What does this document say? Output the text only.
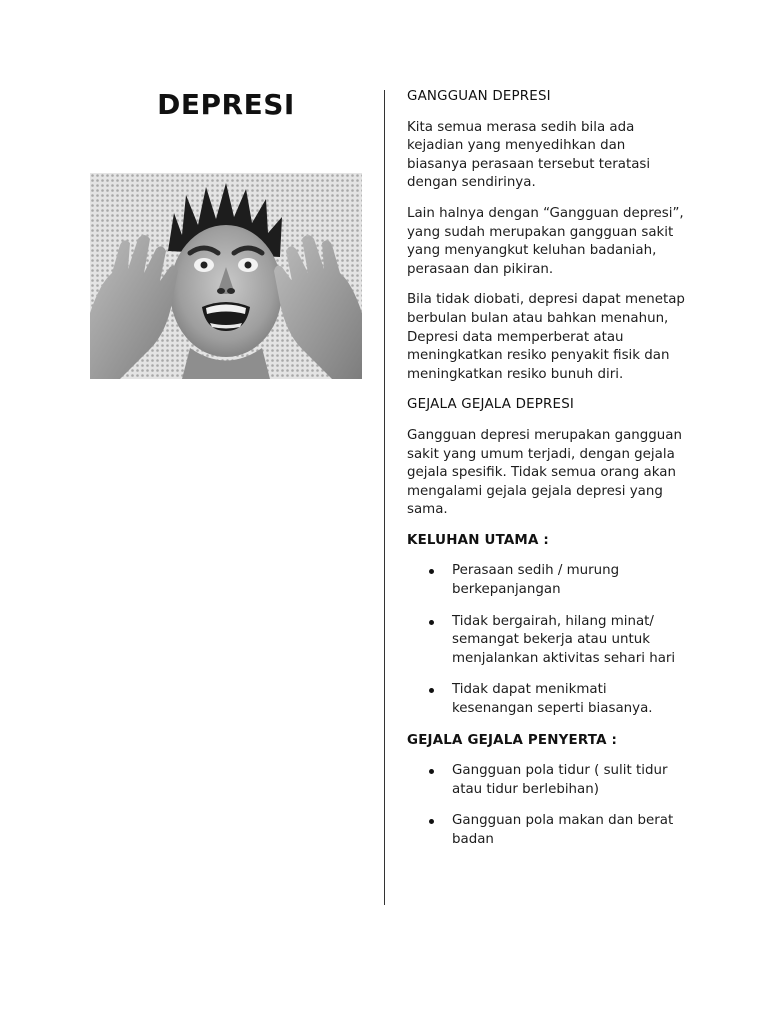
DEPRESI	GANGGUAN DEPRESI

Kita semua merasa sedih bila ada kejadian yang menyedihkan dan biasanya perasaan tersebut teratasi dengan sendirinya.

Lain halnya dengan “Gangguan depresi”, yang sudah merupakan gangguan sakit yang menyangkut keluhan badaniah, perasaan dan pikiran.

Bila tidak diobati, depresi dapat menetap berbulan bulan atau bahkan menahun, Depresi data memperberat atau meningkatkan resiko penyakit fisik dan meningkatkan resiko bunuh diri.

GEJALA GEJALA DEPRESI

Gangguan depresi merupakan gangguan sakit yang umum terjadi, dengan gejala gejala spesifik. Tidak semua orang akan mengalami gejala gejala depresi yang sama.

KELUHAN UTAMA :
Perasaan sedih / murung berkepanjangan
Tidak bergairah, hilang minat/ semangat bekerja atau untuk menjalankan aktivitas sehari hari
Tidak dapat menikmati kesenangan seperti biasanya.
GEJALA GEJALA PENYERTA :
Gangguan pola tidur ( sulit tidur atau tidur berlebihan)
Gangguan pola makan dan berat badan
